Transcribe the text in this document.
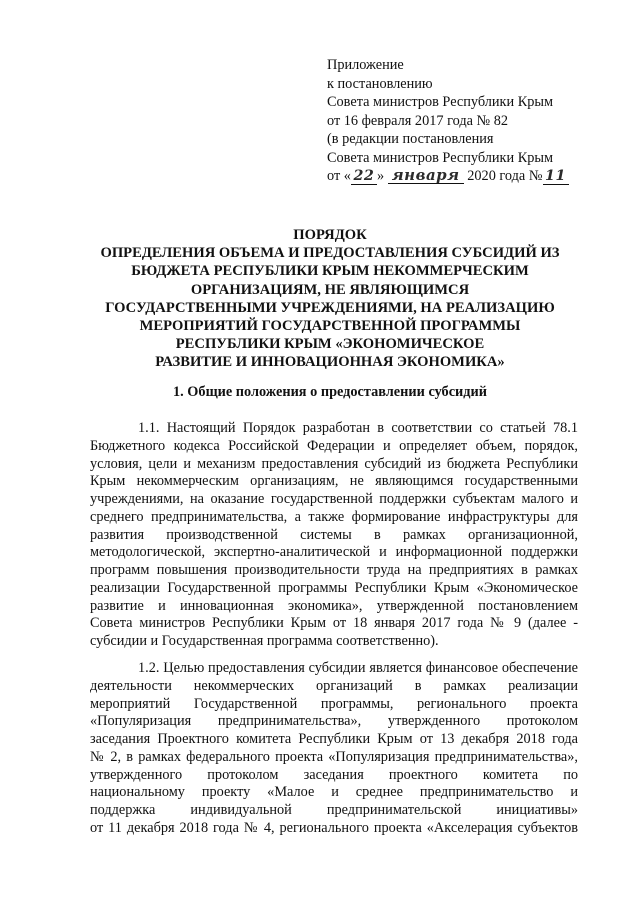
Приложение
к постановлению
Совета министров Республики Крым
от 16 февраля 2017 года № 82
(в редакции постановления
Совета министров Республики Крым
от « 22 » января 2020 года № 11
ПОРЯДОК
ОПРЕДЕЛЕНИЯ ОБЪЕМА И ПРЕДОСТАВЛЕНИЯ СУБСИДИЙ ИЗ
БЮДЖЕТА РЕСПУБЛИКИ КРЫМ НЕКОММЕРЧЕСКИМ
ОРГАНИЗАЦИЯМ, НЕ ЯВЛЯЮЩИМСЯ
ГОСУДАРСТВЕННЫМИ УЧРЕЖДЕНИЯМИ, НА РЕАЛИЗАЦИЮ
МЕРОПРИЯТИЙ ГОСУДАРСТВЕННОЙ ПРОГРАММЫ
РЕСПУБЛИКИ КРЫМ «ЭКОНОМИЧЕСКОЕ
РАЗВИТИЕ И ИННОВАЦИОННАЯ ЭКОНОМИКА»
1. Общие положения о предоставлении субсидий
1.1. Настоящий Порядок разработан в соответствии со статьей 78.1
Бюджетного кодекса Российской Федерации и определяет объем, порядок,
условия, цели и механизм предоставления субсидий из бюджета Республики
Крым некоммерческим организациям, не являющимся государственными
учреждениями, на оказание государственной поддержки субъектам малого и
среднего предпринимательства, а также формирование инфраструктуры для
развития производственной системы в рамках организационной,
методологической, экспертно-аналитической и информационной поддержки
программ повышения производительности труда на предприятиях в рамках
реализации Государственной программы Республики Крым «Экономическое
развитие и инновационная экономика», утвержденной постановлением
Совета министров Республики Крым от 18 января 2017 года № 9 (далее -
субсидии и Государственная программа соответственно).
1.2. Целью предоставления субсидии является финансовое обеспечение
деятельности некоммерческих организаций в рамках реализации
мероприятий Государственной программы, регионального проекта
«Популяризация предпринимательства», утвержденного протоколом
заседания Проектного комитета Республики Крым от 13 декабря 2018 года
№ 2, в рамках федерального проекта «Популяризация предпринимательства»,
утвержденного протоколом заседания проектного комитета по
национальному проекту «Малое и среднее предпринимательство и
поддержка индивидуальной предпринимательской инициативы»
от 11 декабря 2018 года № 4, регионального проекта «Акселерация субъектов
